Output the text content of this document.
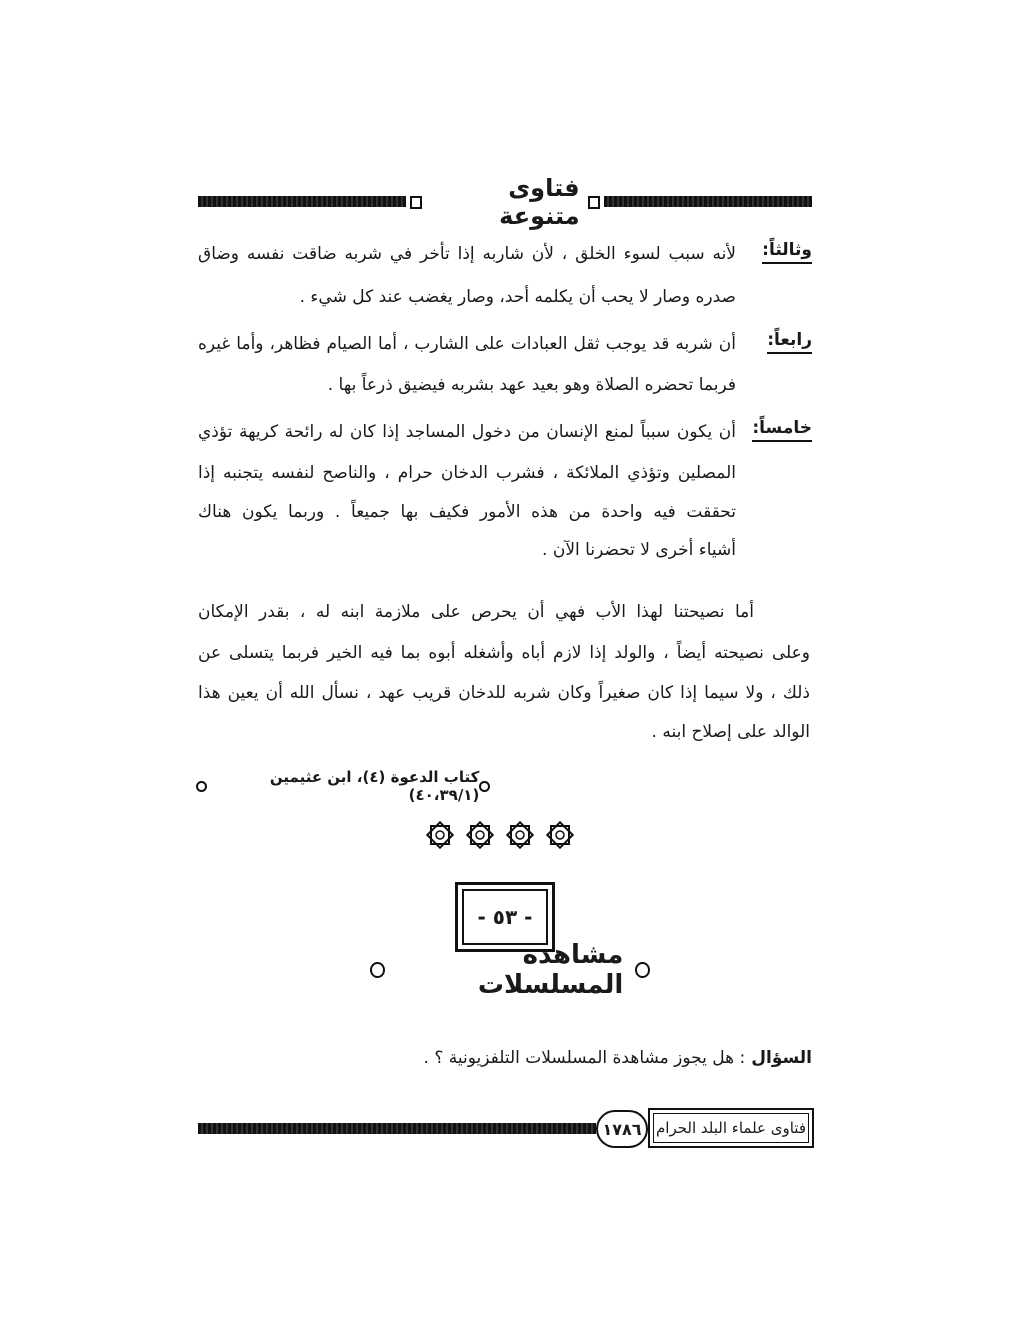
فتاوى متنوعة
وثالثاً:
لأنه سبب لسوء الخلق ، لأن شاربه إذا تأخر في شربه ضاقت نفسه وضاق
صدره وصار لا يحب أن يكلمه أحد، وصار يغضب عند كل شيء .
رابعاً:
أن شربه قد يوجب ثقل العبادات على الشارب ، أما الصيام فظاهر، وأما غيره
فربما تحضره الصلاة وهو بعيد عهد بشربه فيضيق ذرعاً بها .
خامساً:
أن يكون سبباً لمنع الإنسان من دخول المساجد إذا كان له رائحة كريهة تؤذي
المصلين وتؤذي الملائكة ، فشرب الدخان حرام ، والناصح لنفسه يتجنبه إذا
تحققت فيه واحدة من هذه الأمور فكيف بها جميعاً . وربما يكون هناك
أشياء أخرى لا تحضرنا الآن .
أما نصيحتنا لهذا الأب فهي أن يحرص على ملازمة ابنه له ، بقدر الإمكان
وعلى نصيحته أيضاً ، والولد إذا لازم أباه وأشغله أبوه بما فيه الخير فربما يتسلى عن
ذلك ، ولا سيما إذا كان صغيراً وكان شربه للدخان قريب عهد ، نسأل الله أن يعين هذا
الوالد على إصلاح ابنه .
كتاب الدعوة (٤)، ابن عثيمين (٤٠،٣٩/١)
- ٥٣ -
مشاهدة المسلسلات
السؤال
: هل يجوز مشاهدة المسلسلات التلفزيونية ؟ .
١٧٨٦ فتاوى علماء البلد الحرام
